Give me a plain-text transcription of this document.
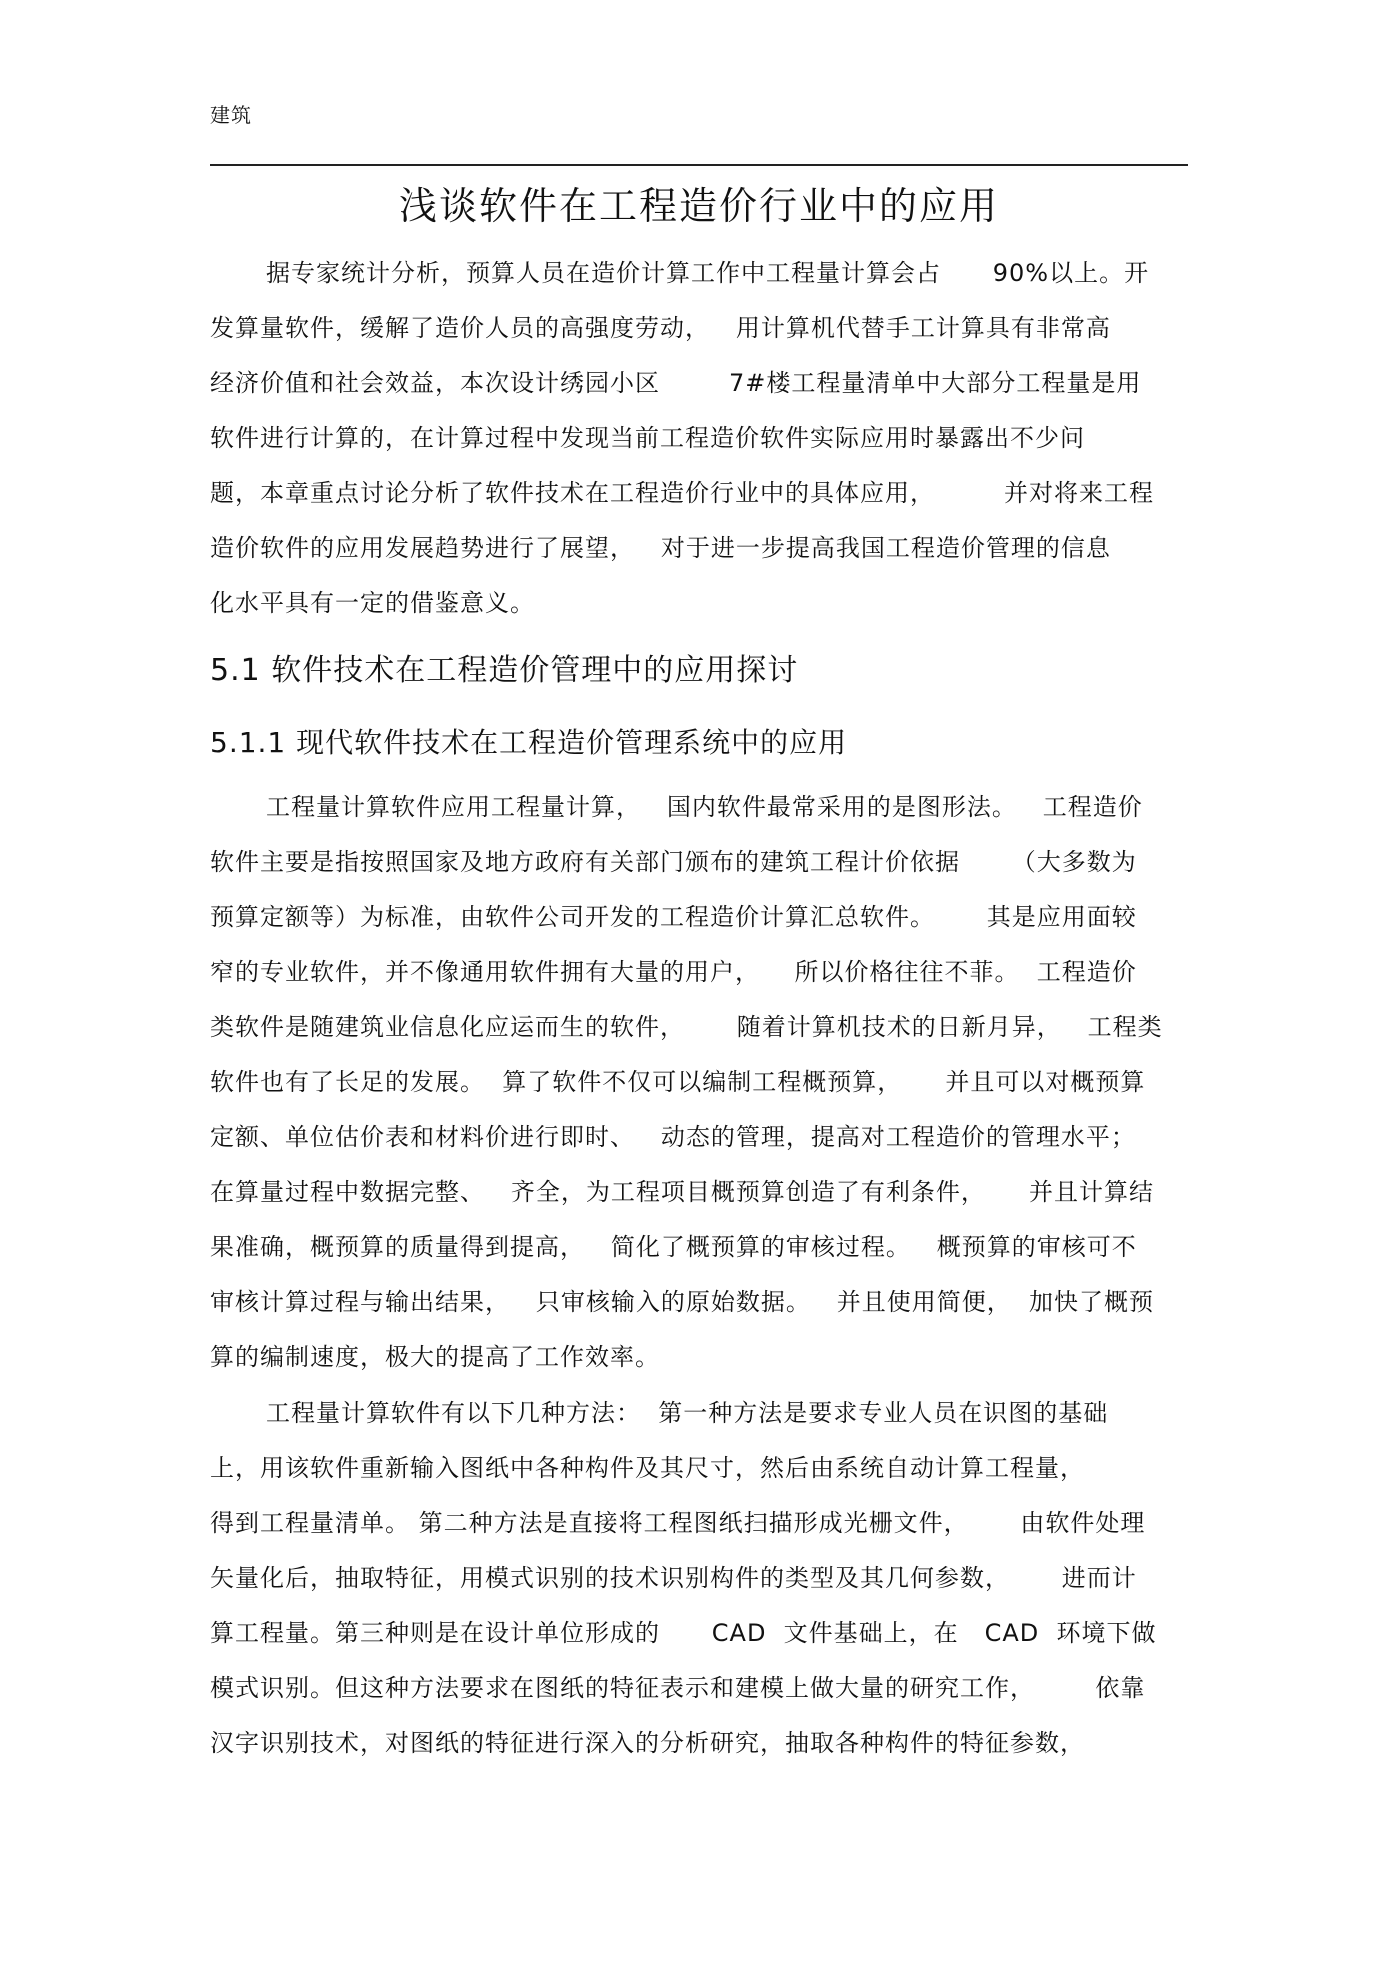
建筑
浅谈软件在工程造价行业中的应用
据专家统计分析，预算人员在造价计算工作中工程量计算会占      90%以上。开
发算量软件，缓解了造价人员的高强度劳动，   用计算机代替手工计算具有非常高
经济价值和社会效益，本次设计绣园小区        7#楼工程量清单中大部分工程量是用
软件进行计算的，在计算过程中发现当前工程造价软件实际应用时暴露出不少问
题，本章重点讨论分析了软件技术在工程造价行业中的具体应用，        并对将来工程
造价软件的应用发展趋势进行了展望，   对于进一步提高我国工程造价管理的信息
化水平具有一定的借鉴意义。
5.1 软件技术在工程造价管理中的应用探讨
5.1.1 现代软件技术在工程造价管理系统中的应用
工程量计算软件应用工程量计算，   国内软件最常采用的是图形法。   工程造价
软件主要是指按照国家及地方政府有关部门颁布的建筑工程计价依据      （大多数为
预算定额等）为标准，由软件公司开发的工程造价计算汇总软件。      其是应用面较
窄的专业软件，并不像通用软件拥有大量的用户，    所以价格往往不菲。  工程造价
类软件是随建筑业信息化应运而生的软件，      随着计算机技术的日新月异，   工程类
软件也有了长足的发展。  算了软件不仅可以编制工程概预算，     并且可以对概预算
定额、单位估价表和材料价进行即时、   动态的管理，提高对工程造价的管理水平；
在算量过程中数据完整、   齐全，为工程项目概预算创造了有利条件，     并且计算结
果准确，概预算的质量得到提高，   简化了概预算的审核过程。   概预算的审核可不
审核计算过程与输出结果，   只审核输入的原始数据。   并且使用简便，  加快了概预
算的编制速度，极大的提高了工作效率。
工程量计算软件有以下几种方法：  第一种方法是要求专业人员在识图的基础
上，用该软件重新输入图纸中各种构件及其尺寸，然后由系统自动计算工程量，
得到工程量清单。 第二种方法是直接将工程图纸扫描形成光栅文件，      由软件处理
矢量化后，抽取特征，用模式识别的技术识别构件的类型及其几何参数，      进而计
算工程量。第三种则是在设计单位形成的      CAD  文件基础上，在   CAD  环境下做
模式识别。但这种方法要求在图纸的特征表示和建模上做大量的研究工作，       依靠
汉字识别技术，对图纸的特征进行深入的分析研究，抽取各种构件的特征参数，
